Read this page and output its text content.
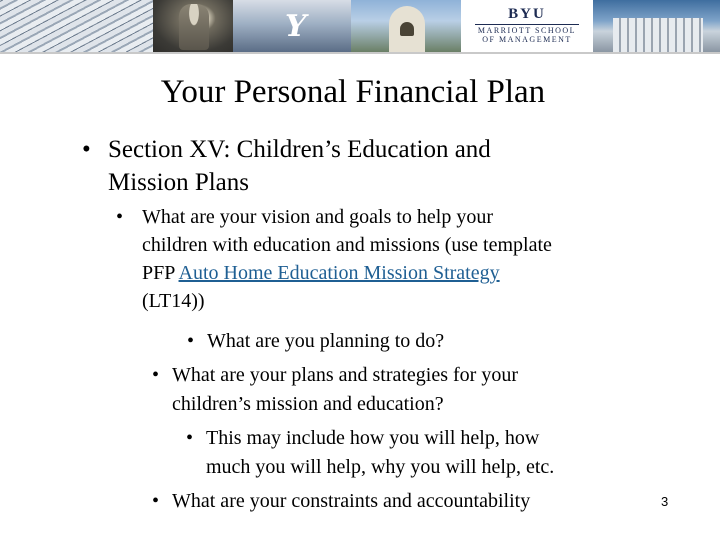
Y	BYU
MARRIOTT SCHOOL
OF MANAGEMENT
Your Personal Financial Plan
• Section XV: Children’s Education and
Mission Plans
• What are your vision and goals to help your
children with education and missions (use template
PFP Auto Home Education Mission Strategy
(LT14))
• What are you planning to do?
• What are your plans and strategies for your
children’s mission and education?
• This may include how you will help, how
much you will help, why you will help, etc.
• What are your constraints and accountability	3
